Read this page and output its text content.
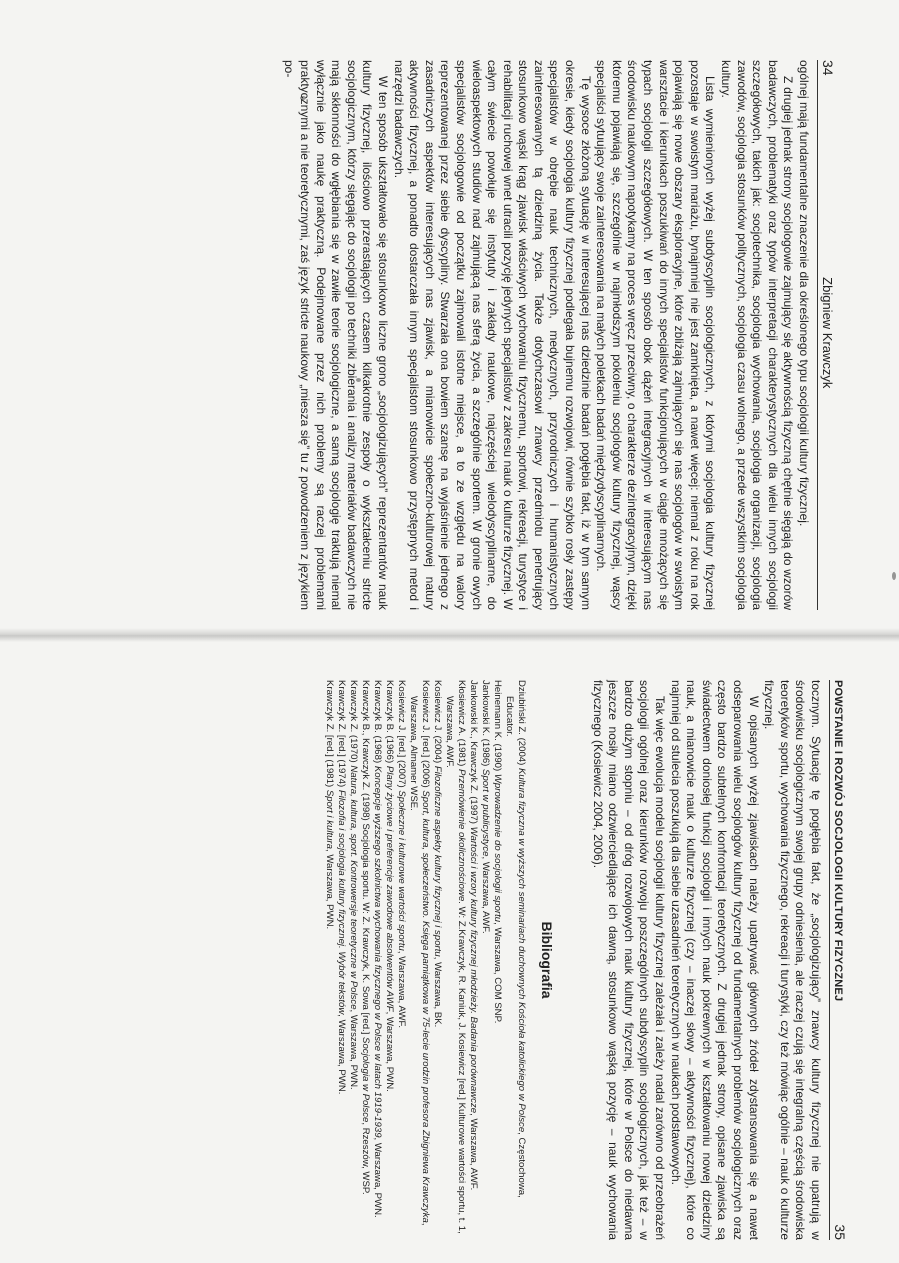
34
Zbigniew Krawczyk

ogólnej mają fundamentalne znaczenie dla określonego typu socjologii kultury fizycznej.

Z drugiej jednak strony socjologowie zajmujący się aktywnością fizyczną chętnie sięgają do wzorów badawczych, problematyki oraz typów interpretacji charakterystycznych dla wielu innych socjologii szczegółowych, takich jak: socjotechnika, socjologia wychowania, socjologia organizacji, socjologia zawodów, socjologia stosunków politycznych, socjologia czasu wolnego, a przede wszystkim socjologia kultury.

Lista wymienionych wyżej subdyscyplin socjologicznych, z którymi socjologia kultury fizycznej pozostaje w swoistym mariażu, bynajmniej nie jest zamknięta, a nawet więcej: niemal z roku na rok pojawiają się nowe obszary eksploracyjne, które zbliżają zajmujących się nas socjologów w swoistym warsztacie i kierunkach poszukiwań do innych specjalistów funkcjonujących w ciągle mnożących się typach socjologii szczegółowych. W ten sposób obok dążeń integracyjnych w interesującym nas środowisku naukowym napotykamy na proces wręcz przeciwny, o charakterze dezintegracyjnym, dzięki któremu pojawiają się, szczególnie w najmłodszym pokoleniu socjologów kultury fizycznej, wąscy specjaliści sytuujący swoje zainteresowania na małych poletkach badań międzydyscyplinarnych.

Tę wysoce złożoną sytuację w interesującej nas dziedzinie badań pogłębia fakt, iż w tym samym okresie, kiedy socjologia kultury fizycznej podlegała bujnemu rozwojowi, równie szybko rosły zastępy specjalistów w obrębie nauk technicznych, medycznych, przyrodniczych i humanistycznych zainteresowanych tą dziedziną życia. Także dotychczasowi znawcy przedmiotu penetrujący stosunkowo wąski krąg zjawisk właściwych wychowaniu fizycznemu, sportowi, rekreacji, turystyce i rehabilitacji ruchowej wnet utracili pozycję jedynych specjalistów z zakresu nauk o kulturze fizycznej. W całym świecie powołuje się instytuty i zakłady naukowe, najczęściej wielodyscyplinarne, do wieloaspektowych studiów nad zajmującą nas sferą życia, a szczególnie sportem. W gronie owych specjalistów socjologowie od początku zajmowali istotne miejsce, a to ze względu na walory reprezentowanej przez siebie dyscypliny. Stwarzała ona bowiem szansę na wyjaśnienie jednego z zasadniczych aspektów interesujących nas zjawisk, a mianowicie społeczno-kulturowej natury aktywności fizycznej, a ponadto dostarczała innym specjalistom stosunkowo przystępnych metod i narzędzi badawczych.

W ten sposób ukształtowało się stosunkowo liczne grono „socjologizujących” reprezentantów nauk kultury fizycznej, ilościowo przerastających czasem kilkakrotnie zespoły o wykształceniu stricte socjologicznym, którzy sięgając do socjologii po techniki zbierania i analizy materiałów badawczych nie mają skłonności do wgłębiania się w zawiłe teorie socjologiczne, a samą socjologię traktują niemal wyłącznie jako naukę praktyczną. Podejmowane przez nich problemy są raczej problemami praktycznymi a nie teoretycznymi, zaś język stricte naukowy „miesza się” tu z powodzeniem z językiem po-

POWSTANIE I ROZWÓJ SOCJOLOGII KULTURY FIZYCZNEJ
35

tocznym. Sytuację tę pogłębia fakt, że „socjologizujący” znawcy kultury fizycznej nie upatrują w środowisku socjologicznym swojej grupy odniesienia, ale raczej czują się integralną częścią środowiska teoretyków sportu, wychowania fizycznego, rekreacji i turystyki, czy też mówiąc ogólnie – nauk o kulturze fizycznej.

W opisanych wyżej zjawiskach należy upatrywać głównych źródeł zdystansowania się a nawet odseparowania wielu socjologów kultury fizycznej od fundamentalnych problemów socjologicznych oraz często bardzo subtelnych konfrontacji teoretycznych. Z drugiej jednak strony, opisane zjawiska są świadectwem doniosłej funkcji socjologii i innych nauk pokrewnych w kształtowaniu nowej dziedziny nauk, a mianowicie nauk o kulturze fizycznej (czy – inaczej słowy – aktywności fizycznej), które co najmniej od stulecia poszukują dla siebie uzasadnień teoretycznych w naukach podstawowych.

Tak więc ewolucja modelu socjologii kultury fizycznej zależała i zależy nadal zarówno od przeobrażeń socjologii ogólnej oraz kierunków rozwoju poszczególnych subdyscyplin socjologicznych, jak też – w bardzo dużym stopniu – od dróg rozwojowych nauk kultury fizycznej, które w Polsce do niedawna jeszcze nosiły miano odzwierciedlające ich dawną, stosunkowo wąską pozycję – nauk wychowania fizycznego (Kosiewicz 2004, 2006).

Bibliografia

Dziubiński Z. (2004) Kultura fizyczna w wyższych seminariach duchownych Kościoła katolickiego w Polsce, Częstochowa, Educator.

Heinemann K. (1990) Wprowadzenie do socjologii sportu, Warszawa, COM SNP.

Jankowski K. (1986) Sport w publicystyce, Warszawa, AWF.

Jankowski K., Krawczyk Z. (1997) Wartości i wzory kultury fizycznej młodzieży. Badania porównawcze, Warszawa, AWF.

Kłosiewicz A. (1981) Przemówienie okolicznościowe. W: Z.Krawczyk, R. Kaniuk, J. Kosiewicz [red.] Kulturowe wartości sportu, t. 1, Warszawa, AWF.

Kosiewicz J. (2004) Filozoficzne aspekty kultury fizycznej i sportu, Warszawa, BK.

Kosiewicz J. [red.] (2006) Sport, kultura, społeczeństwo. Księga pamiątkowa w 75-lecie urodzin profesora Zbigniewa Krawczyka, Warszawa, Almamer WSE.

Kosiewicz J. [red.] (2007) Społeczne i kulturowe wartości sportu, Warszawa, AWF.

Krawczyk B. (1966) Plany życiowe i preferencje zawodowe absolwentów AWF, Warszawa, PWN.

Krawczyk B. (1968) Koncepcje wyższego szkolnictwa wychowania fizycznego w Polsce w latach 1919-1939, Warszawa, PWN.

Krawczyk B., Krawczyk Z. (1998) Socjologia sportu. W: Z. Krawczyk, K. Sowa [red.] Socjologia w Polsce, Rzeszów, WSP.

Krawczyk Z. (1970) Natura, kultura, sport. Kontrowersje teoretyczne w Polsce, Warszawa, PWN.

Krawczyk Z. [red.] (1974) Filozofia i socjologia kultury fizycznej. Wybór tekstów, Warszawa, PWN.

Krawczyk Z. [red.] (1981) Sport i kultura, Warszawa, PWN.
